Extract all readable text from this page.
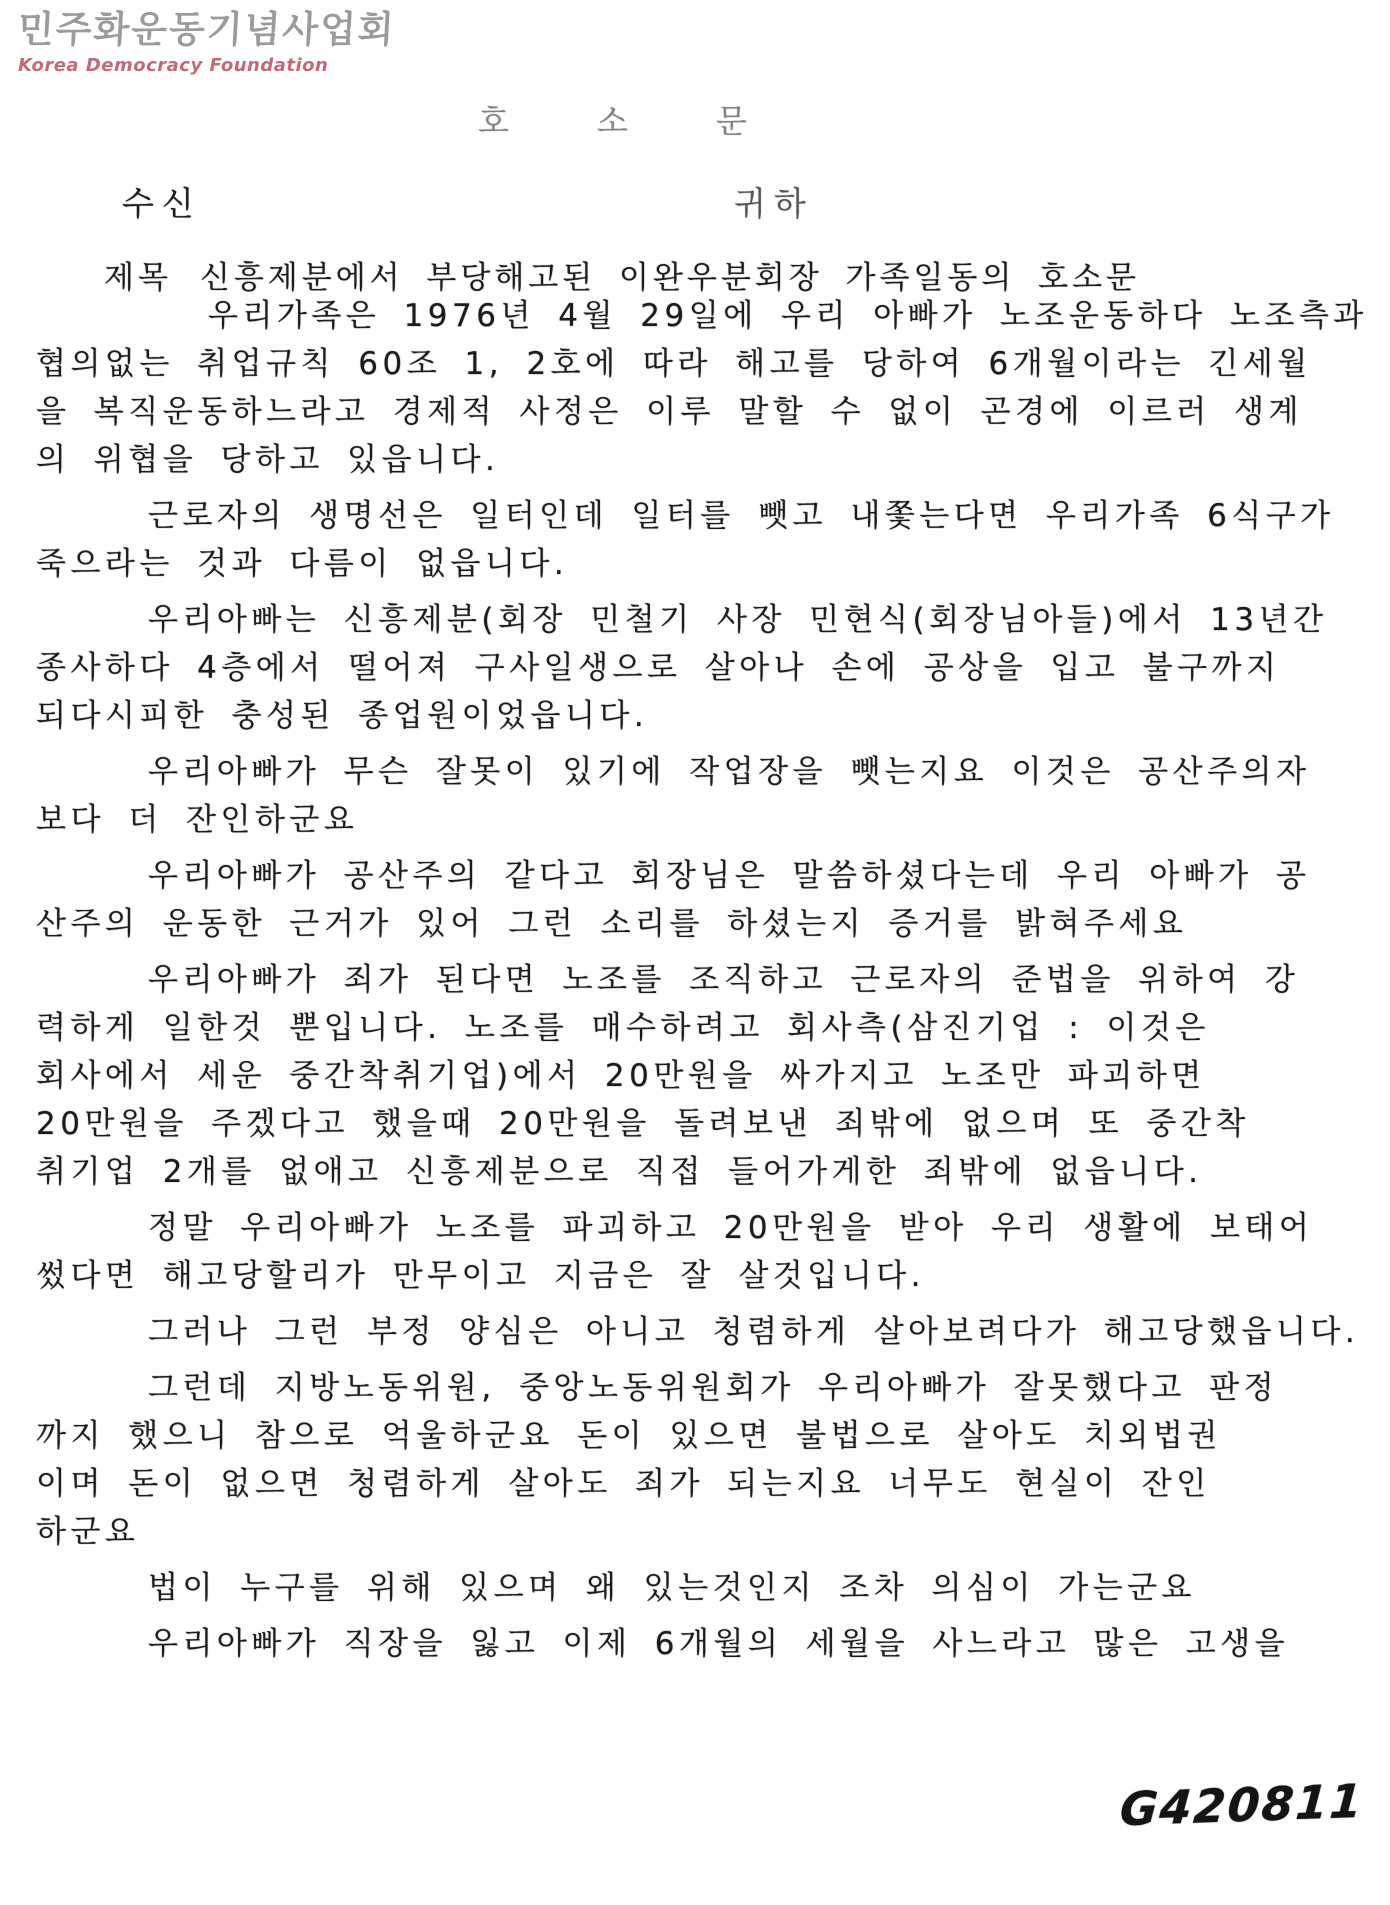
민주화운동기념사업회
Korea Democracy Foundation
호소문
수신	귀하
제목 신흥제분에서 부당해고된 이완우분회장 가족일동의 호소문
우리가족은 1976년 4월 29일에 우리 아빠가 노조운동하다 노조측과
협의없는 취업규칙 60조 1, 2호에 따라 해고를 당하여 6개월이라는 긴세월
을 복직운동하느라고 경제적 사정은 이루 말할 수 없이 곤경에 이르러 생계
의 위협을 당하고 있읍니다.
근로자의 생명선은 일터인데 일터를 뺏고 내쫓는다면 우리가족 6식구가
죽으라는 것과 다름이 없읍니다.
우리아빠는 신흥제분(회장 민철기 사장 민현식(회장님아들)에서 13년간
종사하다 4층에서 떨어져 구사일생으로 살아나 손에 공상을 입고 불구까지
되다시피한 충성된 종업원이었읍니다.
우리아빠가 무슨 잘못이 있기에 작업장을 뺏는지요 이것은 공산주의자
보다 더 잔인하군요
우리아빠가 공산주의 같다고 회장님은 말씀하셨다는데 우리 아빠가 공
산주의 운동한 근거가 있어 그런 소리를 하셨는지 증거를 밝혀주세요
우리아빠가 죄가 된다면 노조를 조직하고 근로자의 준법을 위하여 강
력하게 일한것 뿐입니다. 노조를 매수하려고 회사측(삼진기업 : 이것은
회사에서 세운 중간착취기업)에서 20만원을 싸가지고 노조만 파괴하면
20만원을 주겠다고 했을때 20만원을 돌려보낸 죄밖에 없으며 또 중간착
취기업 2개를 없애고 신흥제분으로 직접 들어가게한 죄밖에 없읍니다.
정말 우리아빠가 노조를 파괴하고 20만원을 받아 우리 생활에 보태어
썼다면 해고당할리가 만무이고 지금은 잘 살것입니다.
그러나 그런 부정 양심은 아니고 청렴하게 살아보려다가 해고당했읍니다.
그런데 지방노동위원, 중앙노동위원회가 우리아빠가 잘못했다고 판정
까지 했으니 참으로 억울하군요 돈이 있으면 불법으로 살아도 치외법권
이며 돈이 없으면 청렴하게 살아도 죄가 되는지요 너무도 현실이 잔인
하군요
법이 누구를 위해 있으며 왜 있는것인지 조차 의심이 가는군요
우리아빠가 직장을 잃고 이제 6개월의 세월을 사느라고 많은 고생을
G420811
